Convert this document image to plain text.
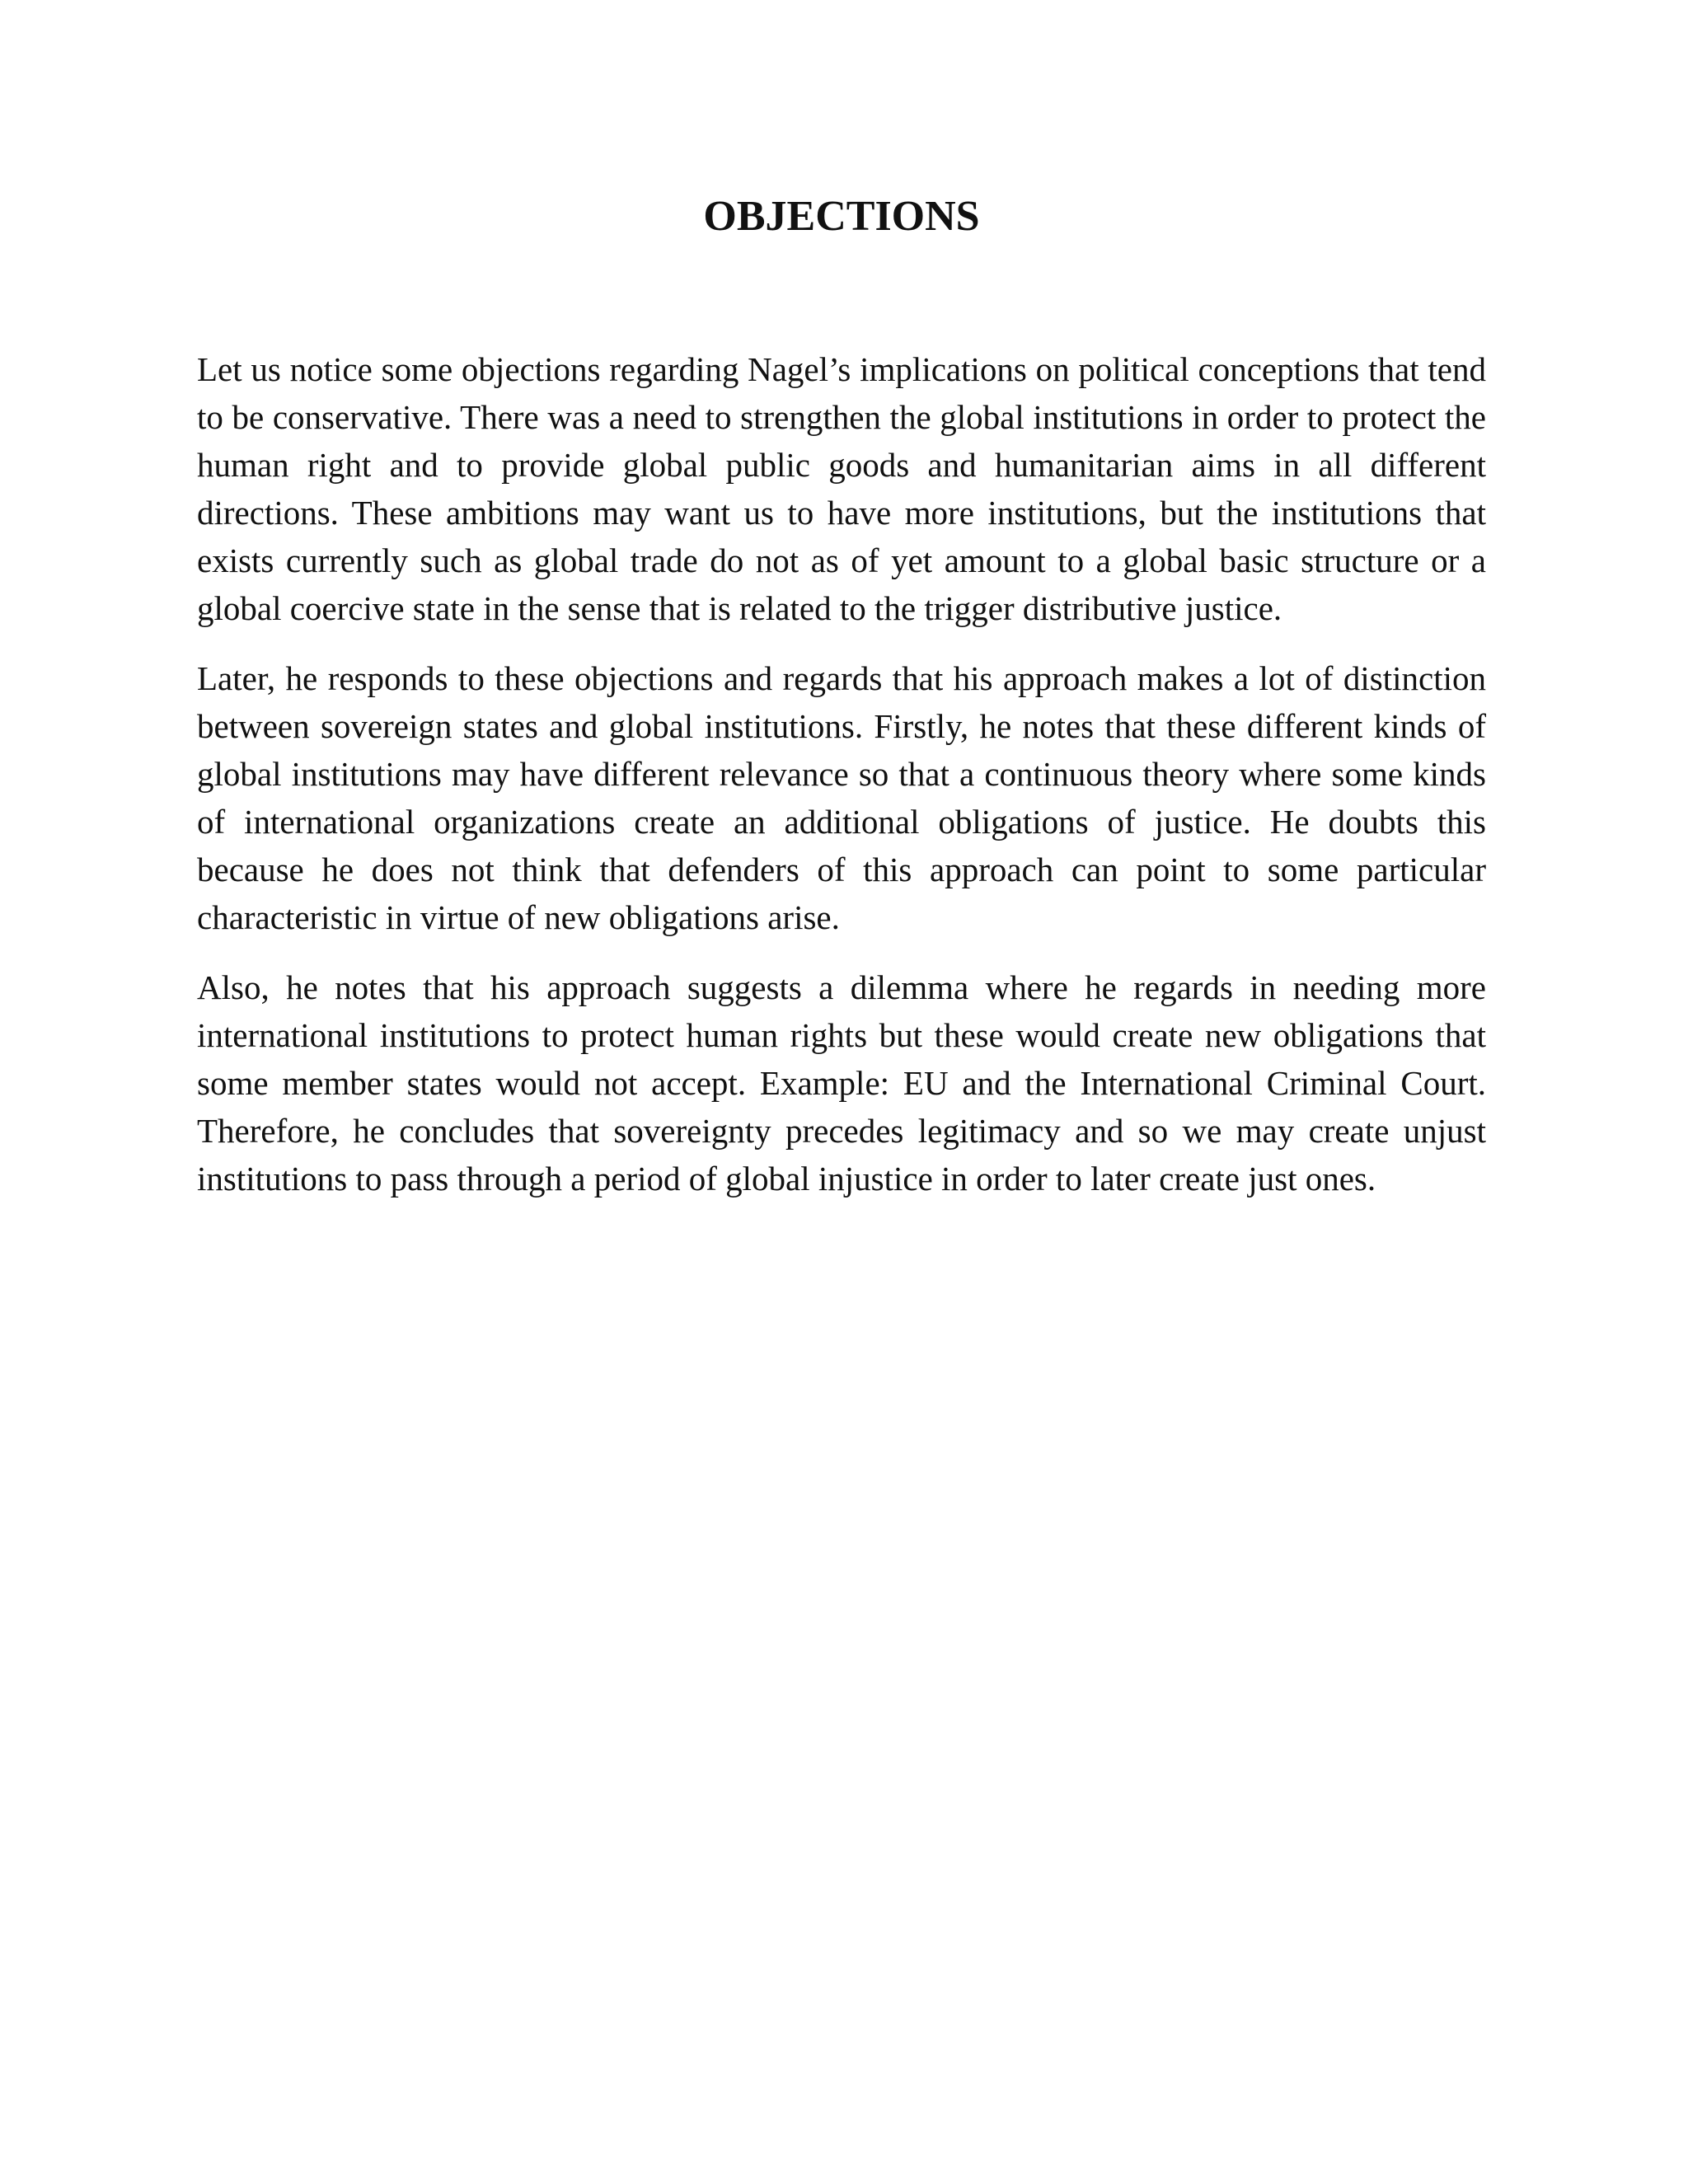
OBJECTIONS

Let us notice some objections regarding Nagel’s implications on political conceptions that tend to be conservative. There was a need to strengthen the global institutions in order to protect the human right and to provide global public goods and humanitarian aims in all different directions. These ambitions may want us to have more institutions, but the institutions that exists currently such as global trade do not as of yet amount to a global basic structure or a global coercive state in the sense that is related to the trigger distributive justice.

Later, he responds to these objections and regards that his approach makes a lot of distinction between sovereign states and global institutions. Firstly, he notes that these different kinds of global institutions may have different relevance so that a continuous theory where some kinds of international organizations create an additional obligations of justice. He doubts this because he does not think that defenders of this approach can point to some particular characteristic in virtue of new obligations arise.

Also, he notes that his approach suggests a dilemma where he regards in needing more international institutions to protect human rights but these would create new obligations that some member states would not accept. Example: EU and the International Criminal Court. Therefore, he concludes that sovereignty precedes legitimacy and so we may create unjust institutions to pass through a period of global injustice in order to later create just ones.
